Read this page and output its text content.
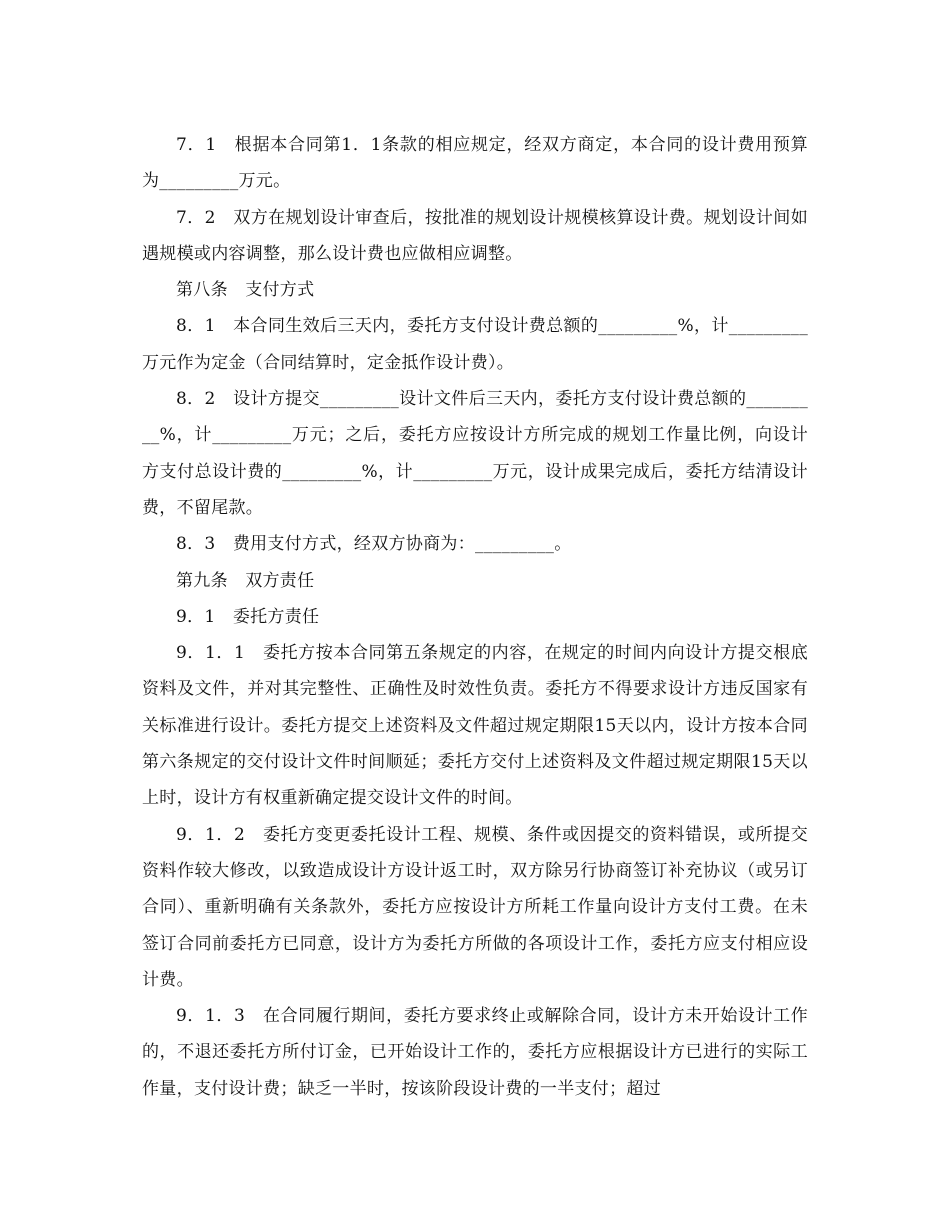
7．1　根据本合同第1．1条款的相应规定，经双方商定，本合同的设计费用预算为_________万元。

7．2　双方在规划设计审查后，按批准的规划设计规模核算设计费。规划设计间如遇规模或内容调整，那么设计费也应做相应调整。

第八条　支付方式

8．1　本合同生效后三天内，委托方支付设计费总额的_________%，计_________万元作为定金（合同结算时，定金抵作设计费）。

8．2　设计方提交_________设计文件后三天内，委托方支付设计费总额的_________%，计_________万元；之后，委托方应按设计方所完成的规划工作量比例，向设计方支付总设计费的_________%，计_________万元，设计成果完成后，委托方结清设计费，不留尾款。

8．3　费用支付方式，经双方协商为：_________。

第九条　双方责任

9．1　委托方责任

9．1．1　委托方按本合同第五条规定的内容，在规定的时间内向设计方提交根底资料及文件，并对其完整性、正确性及时效性负责。委托方不得要求设计方违反国家有关标准进行设计。委托方提交上述资料及文件超过规定期限15天以内，设计方按本合同第六条规定的交付设计文件时间顺延；委托方交付上述资料及文件超过规定期限15天以上时，设计方有权重新确定提交设计文件的时间。

9．1．2　委托方变更委托设计工程、规模、条件或因提交的资料错误，或所提交资料作较大修改，以致造成设计方设计返工时，双方除另行协商签订补充协议（或另订合同）、重新明确有关条款外，委托方应按设计方所耗工作量向设计方支付工费。在未签订合同前委托方已同意，设计方为委托方所做的各项设计工作，委托方应支付相应设计费。

9．1．3　在合同履行期间，委托方要求终止或解除合同，设计方未开始设计工作的，不退还委托方所付订金，已开始设计工作的，委托方应根据设计方已进行的实际工作量，支付设计费；缺乏一半时，按该阶段设计费的一半支付；超过
